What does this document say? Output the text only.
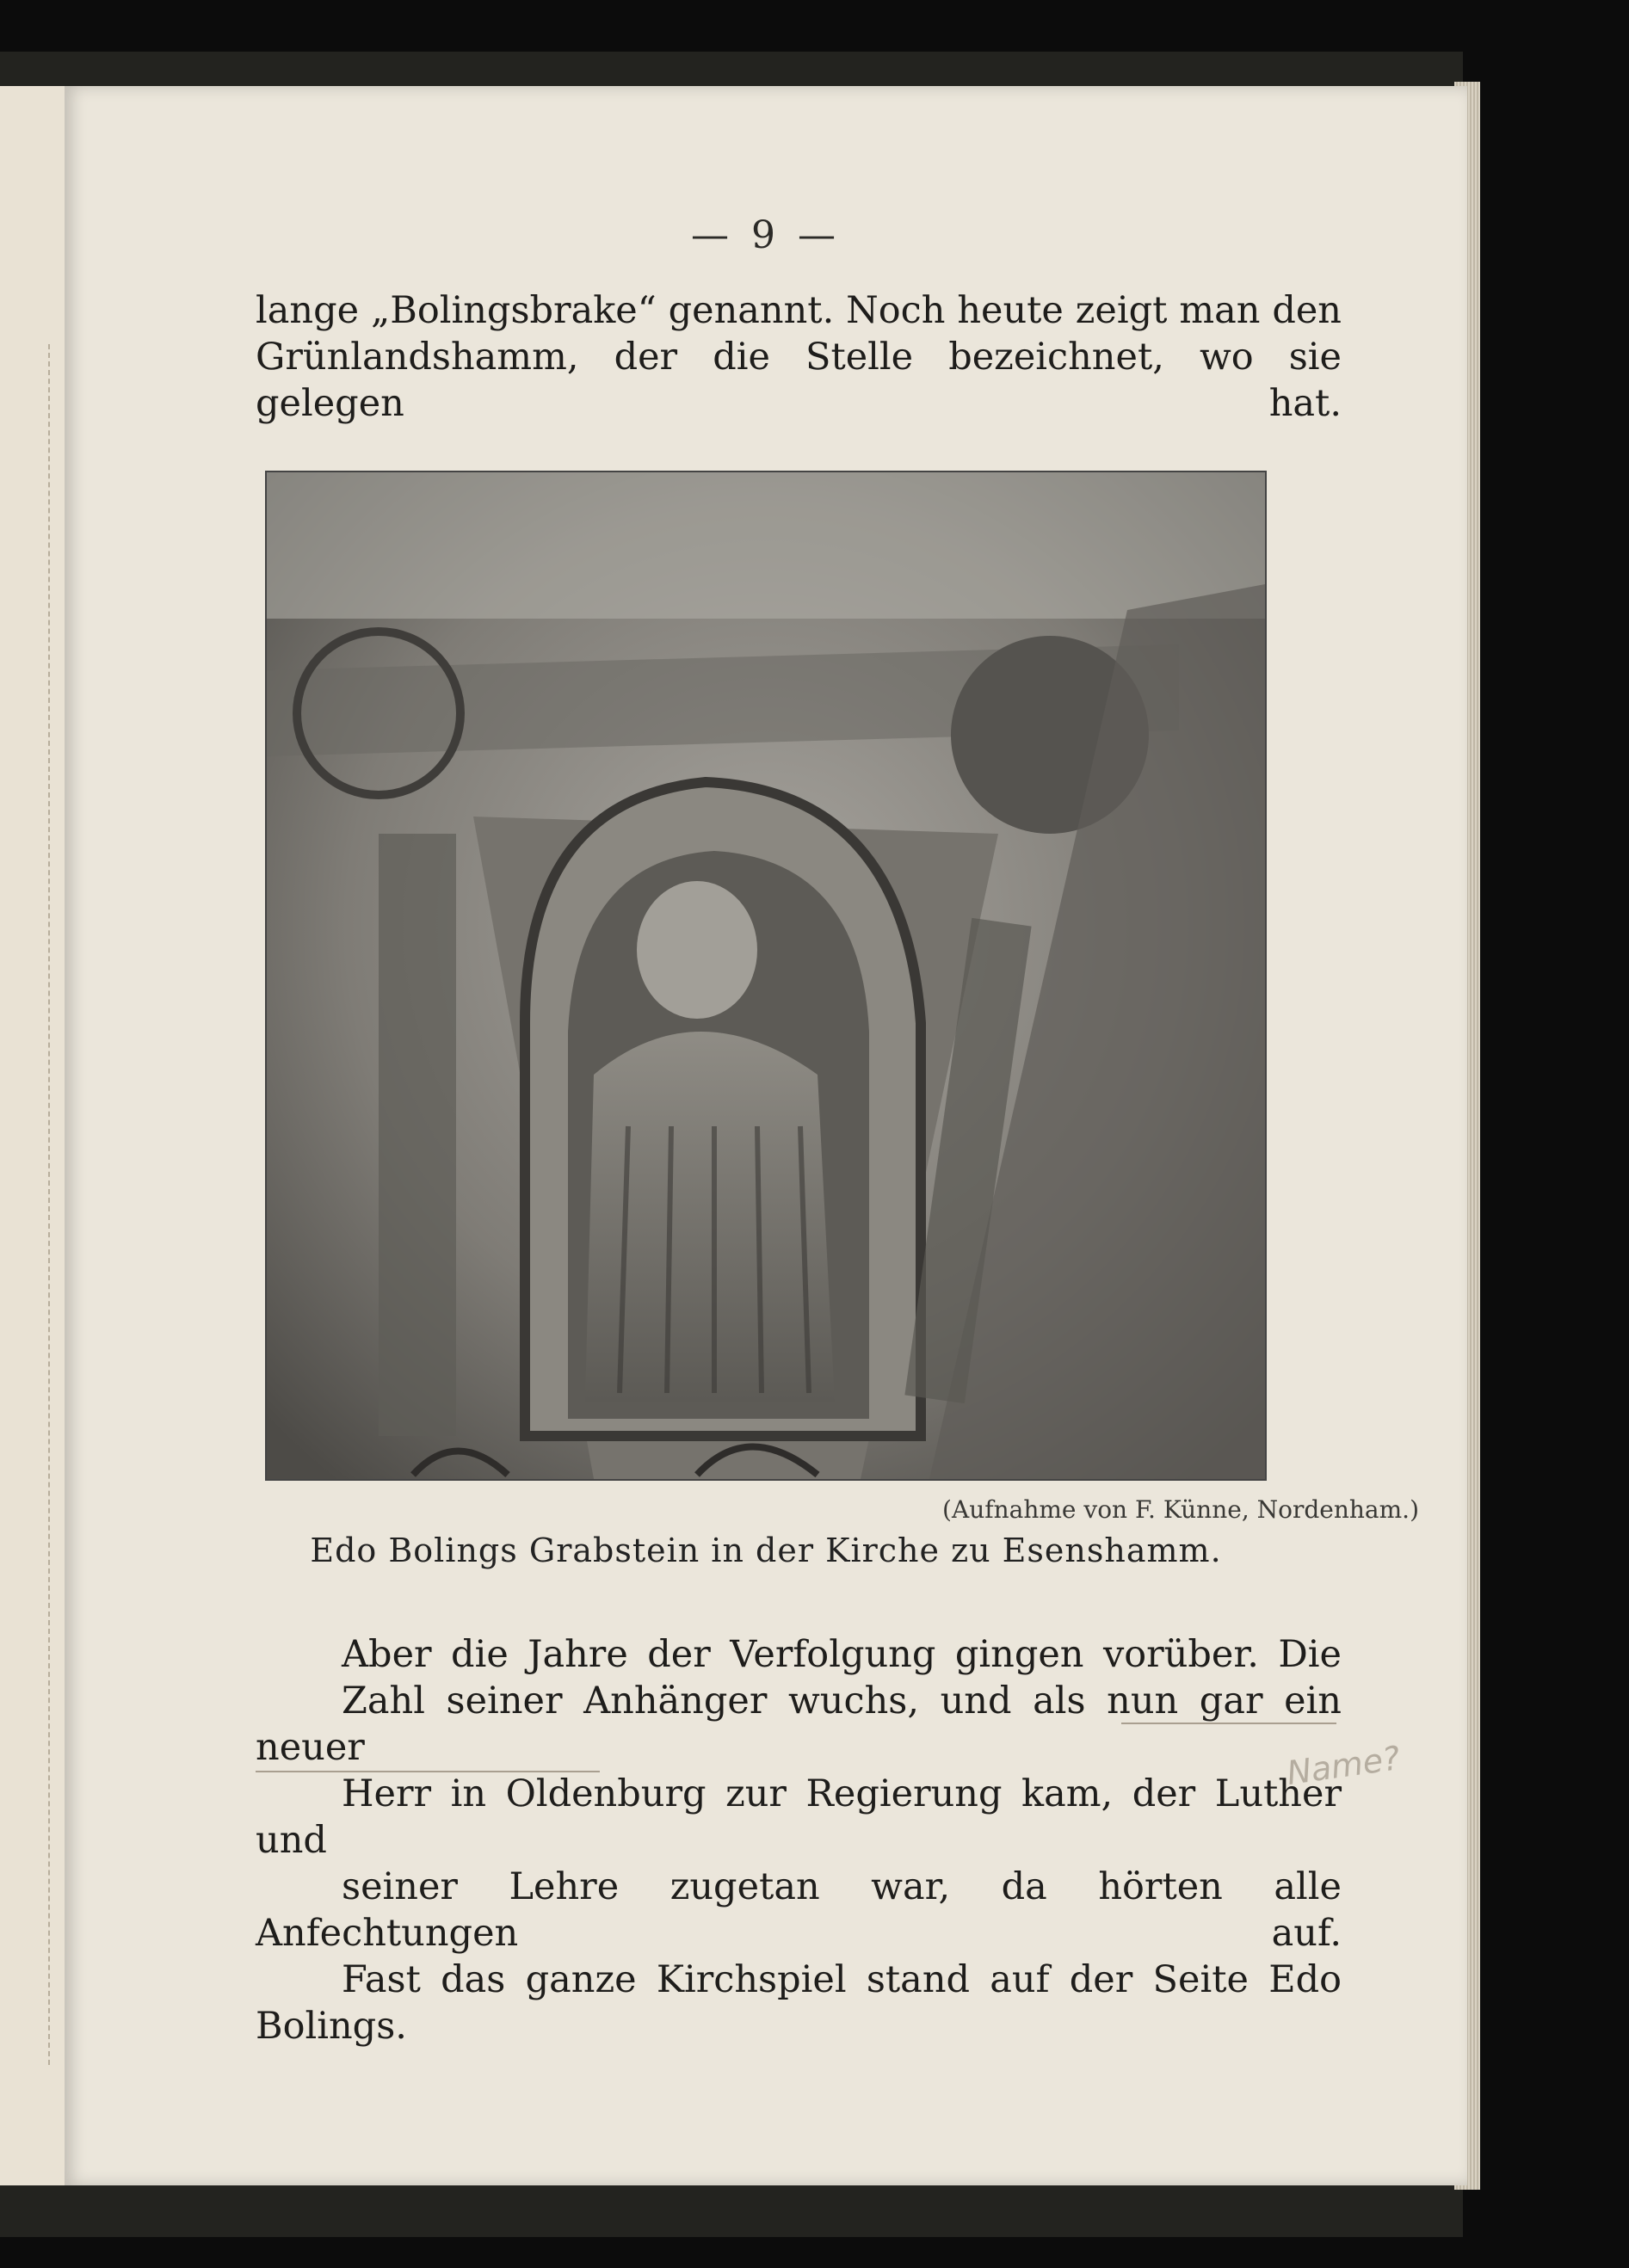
— 9 —

lange „Bolingsbrake“ genannt. Noch heute zeigt man den

Grünlandshamm, der die Stelle bezeichnet, wo sie gelegen hat.

(Aufnahme von F. Künne, Nordenham.)
Edo Bolings Grabstein in der Kirche zu Esenshamm.

Aber die Jahre der Verfolgung gingen vorüber. Die

Zahl seiner Anhänger wuchs, und als nun gar ein neuer

Herr in Oldenburg zur Regierung kam, der Luther und

seiner Lehre zugetan war, da hörten alle Anfechtungen auf.

Fast das ganze Kirchspiel stand auf der Seite Edo Bolings.

Name?
